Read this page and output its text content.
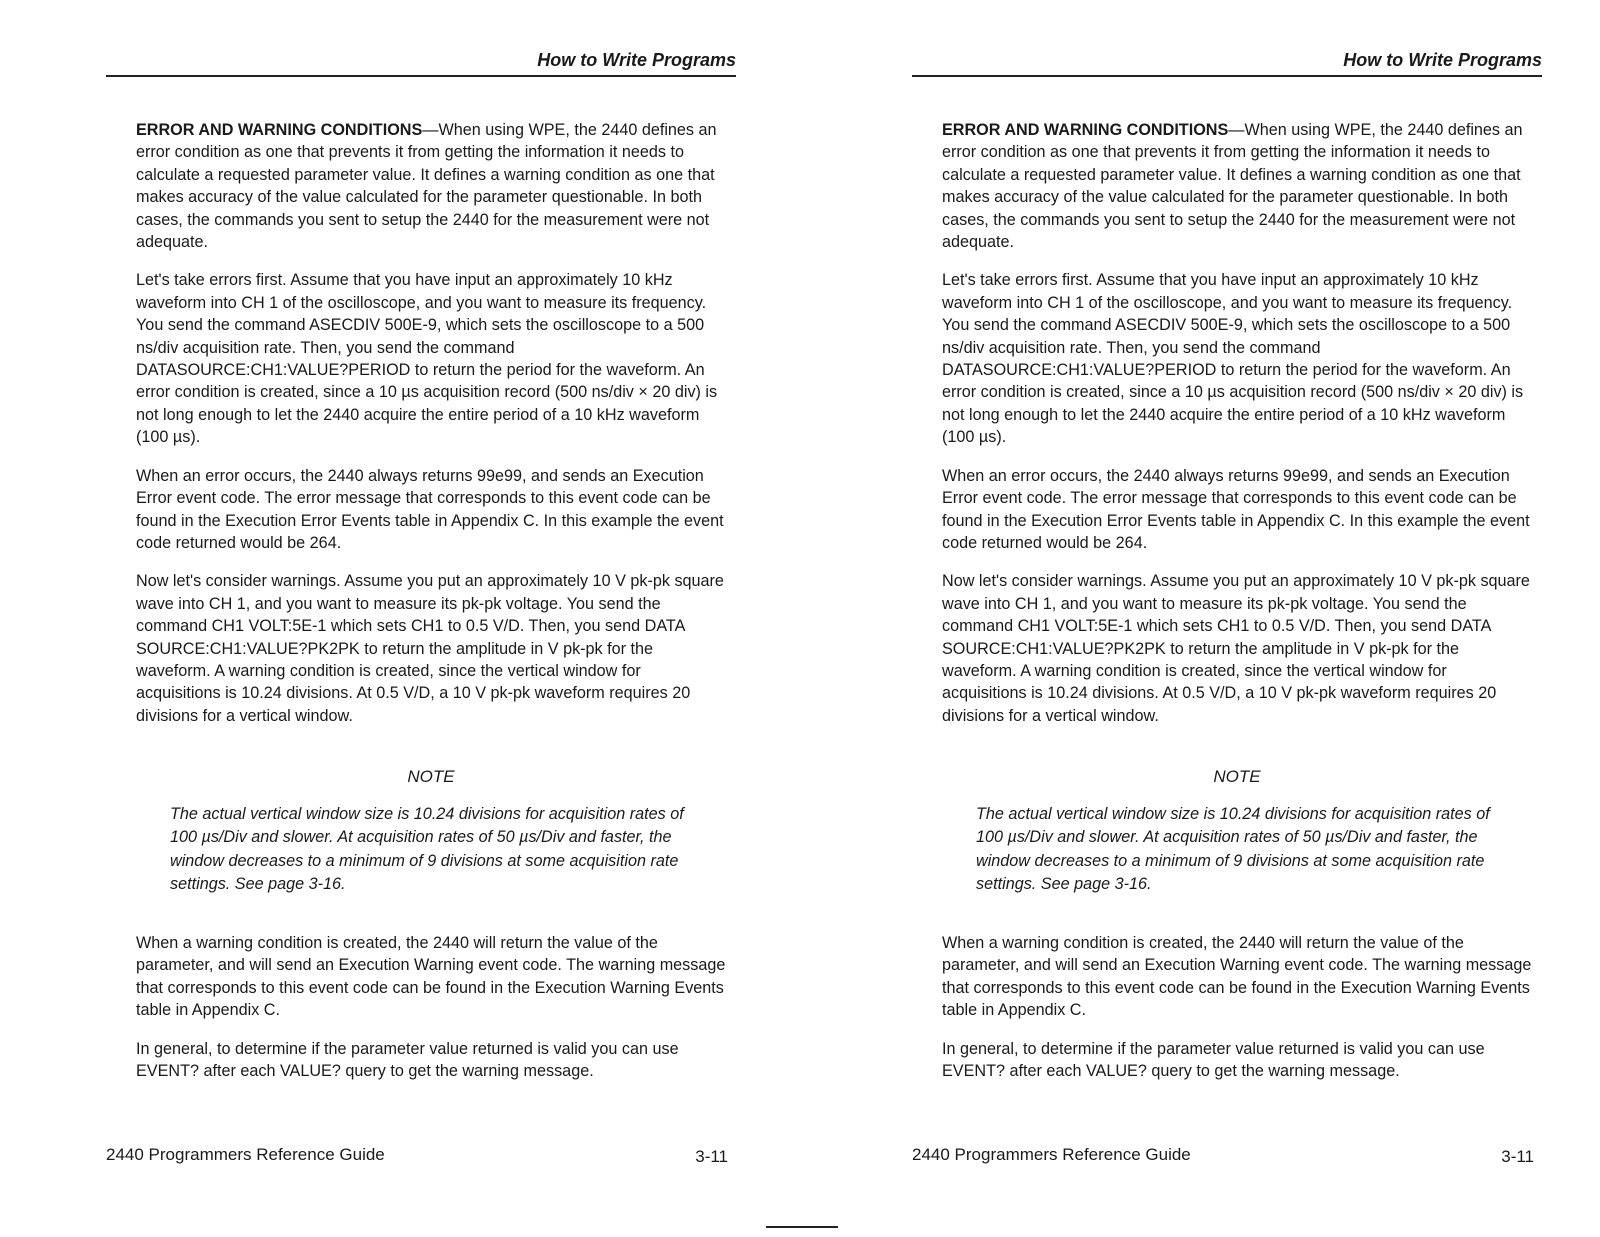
How to Write Programs

ERROR AND WARNING CONDITIONS—When using WPE, the 2440 defines an error condition as one that prevents it from getting the information it needs to calculate a requested parameter value. It defines a warning condition as one that makes accuracy of the value calculated for the parameter questionable. In both cases, the commands you sent to setup the 2440 for the measurement were not adequate.

Let's take errors first. Assume that you have input an approximately 10 kHz waveform into CH 1 of the oscilloscope, and you want to measure its frequency. You send the command ASECDIV 500E-9, which sets the oscilloscope to a 500 ns/div acquisition rate. Then, you send the command DATASOURCE:CH1:VALUE?PERIOD to return the period for the waveform. An error condition is created, since a 10 µs acquisition record (500 ns/div × 20 div) is not long enough to let the 2440 acquire the entire period of a 10 kHz waveform (100 µs).

When an error occurs, the 2440 always returns 99e99, and sends an Execution Error event code. The error message that corresponds to this event code can be found in the Execution Error Events table in Appendix C. In this example the event code returned would be 264.

Now let's consider warnings. Assume you put an approximately 10 V pk-pk square wave into CH 1, and you want to measure its pk-pk voltage. You send the command CH1 VOLT:5E-1 which sets CH1 to 0.5 V/D. Then, you send DATA SOURCE:CH1:VALUE?PK2PK to return the amplitude in V pk-pk for the waveform. A warning condition is created, since the vertical window for acquisitions is 10.24 divisions. At 0.5 V/D, a 10 V pk-pk waveform requires 20 divisions for a vertical window.

NOTE
The actual vertical window size is 10.24 divisions for acquisition rates of 100 µs/Div and slower. At acquisition rates of 50 µs/Div and faster, the window decreases to a minimum of 9 divisions at some acquisition rate settings. See page 3-16.

When a warning condition is created, the 2440 will return the value of the parameter, and will send an Execution Warning event code. The warning message that corresponds to this event code can be found in the Execution Warning Events table in Appendix C.

In general, to determine if the parameter value returned is valid you can use EVENT? after each VALUE? query to get the warning message.

2440 Programmers Reference Guide	3-11
How to Write Programs

ERROR AND WARNING CONDITIONS—When using WPE, the 2440 defines an error condition as one that prevents it from getting the information it needs to calculate a requested parameter value. It defines a warning condition as one that makes accuracy of the value calculated for the parameter questionable. In both cases, the commands you sent to setup the 2440 for the measurement were not adequate.

Let's take errors first. Assume that you have input an approximately 10 kHz waveform into CH 1 of the oscilloscope, and you want to measure its frequency. You send the command ASECDIV 500E-9, which sets the oscilloscope to a 500 ns/div acquisition rate. Then, you send the command DATASOURCE:CH1:VALUE?PERIOD to return the period for the waveform. An error condition is created, since a 10 µs acquisition record (500 ns/div × 20 div) is not long enough to let the 2440 acquire the entire period of a 10 kHz waveform (100 µs).

When an error occurs, the 2440 always returns 99e99, and sends an Execution Error event code. The error message that corresponds to this event code can be found in the Execution Error Events table in Appendix C. In this example the event code returned would be 264.

Now let's consider warnings. Assume you put an approximately 10 V pk-pk square wave into CH 1, and you want to measure its pk-pk voltage. You send the command CH1 VOLT:5E-1 which sets CH1 to 0.5 V/D. Then, you send DATA SOURCE:CH1:VALUE?PK2PK to return the amplitude in V pk-pk for the waveform. A warning condition is created, since the vertical window for acquisitions is 10.24 divisions. At 0.5 V/D, a 10 V pk-pk waveform requires 20 divisions for a vertical window.

NOTE
The actual vertical window size is 10.24 divisions for acquisition rates of 100 µs/Div and slower. At acquisition rates of 50 µs/Div and faster, the window decreases to a minimum of 9 divisions at some acquisition rate settings. See page 3-16.

When a warning condition is created, the 2440 will return the value of the parameter, and will send an Execution Warning event code. The warning message that corresponds to this event code can be found in the Execution Warning Events table in Appendix C.

In general, to determine if the parameter value returned is valid you can use EVENT? after each VALUE? query to get the warning message.

2440 Programmers Reference Guide	3-11
